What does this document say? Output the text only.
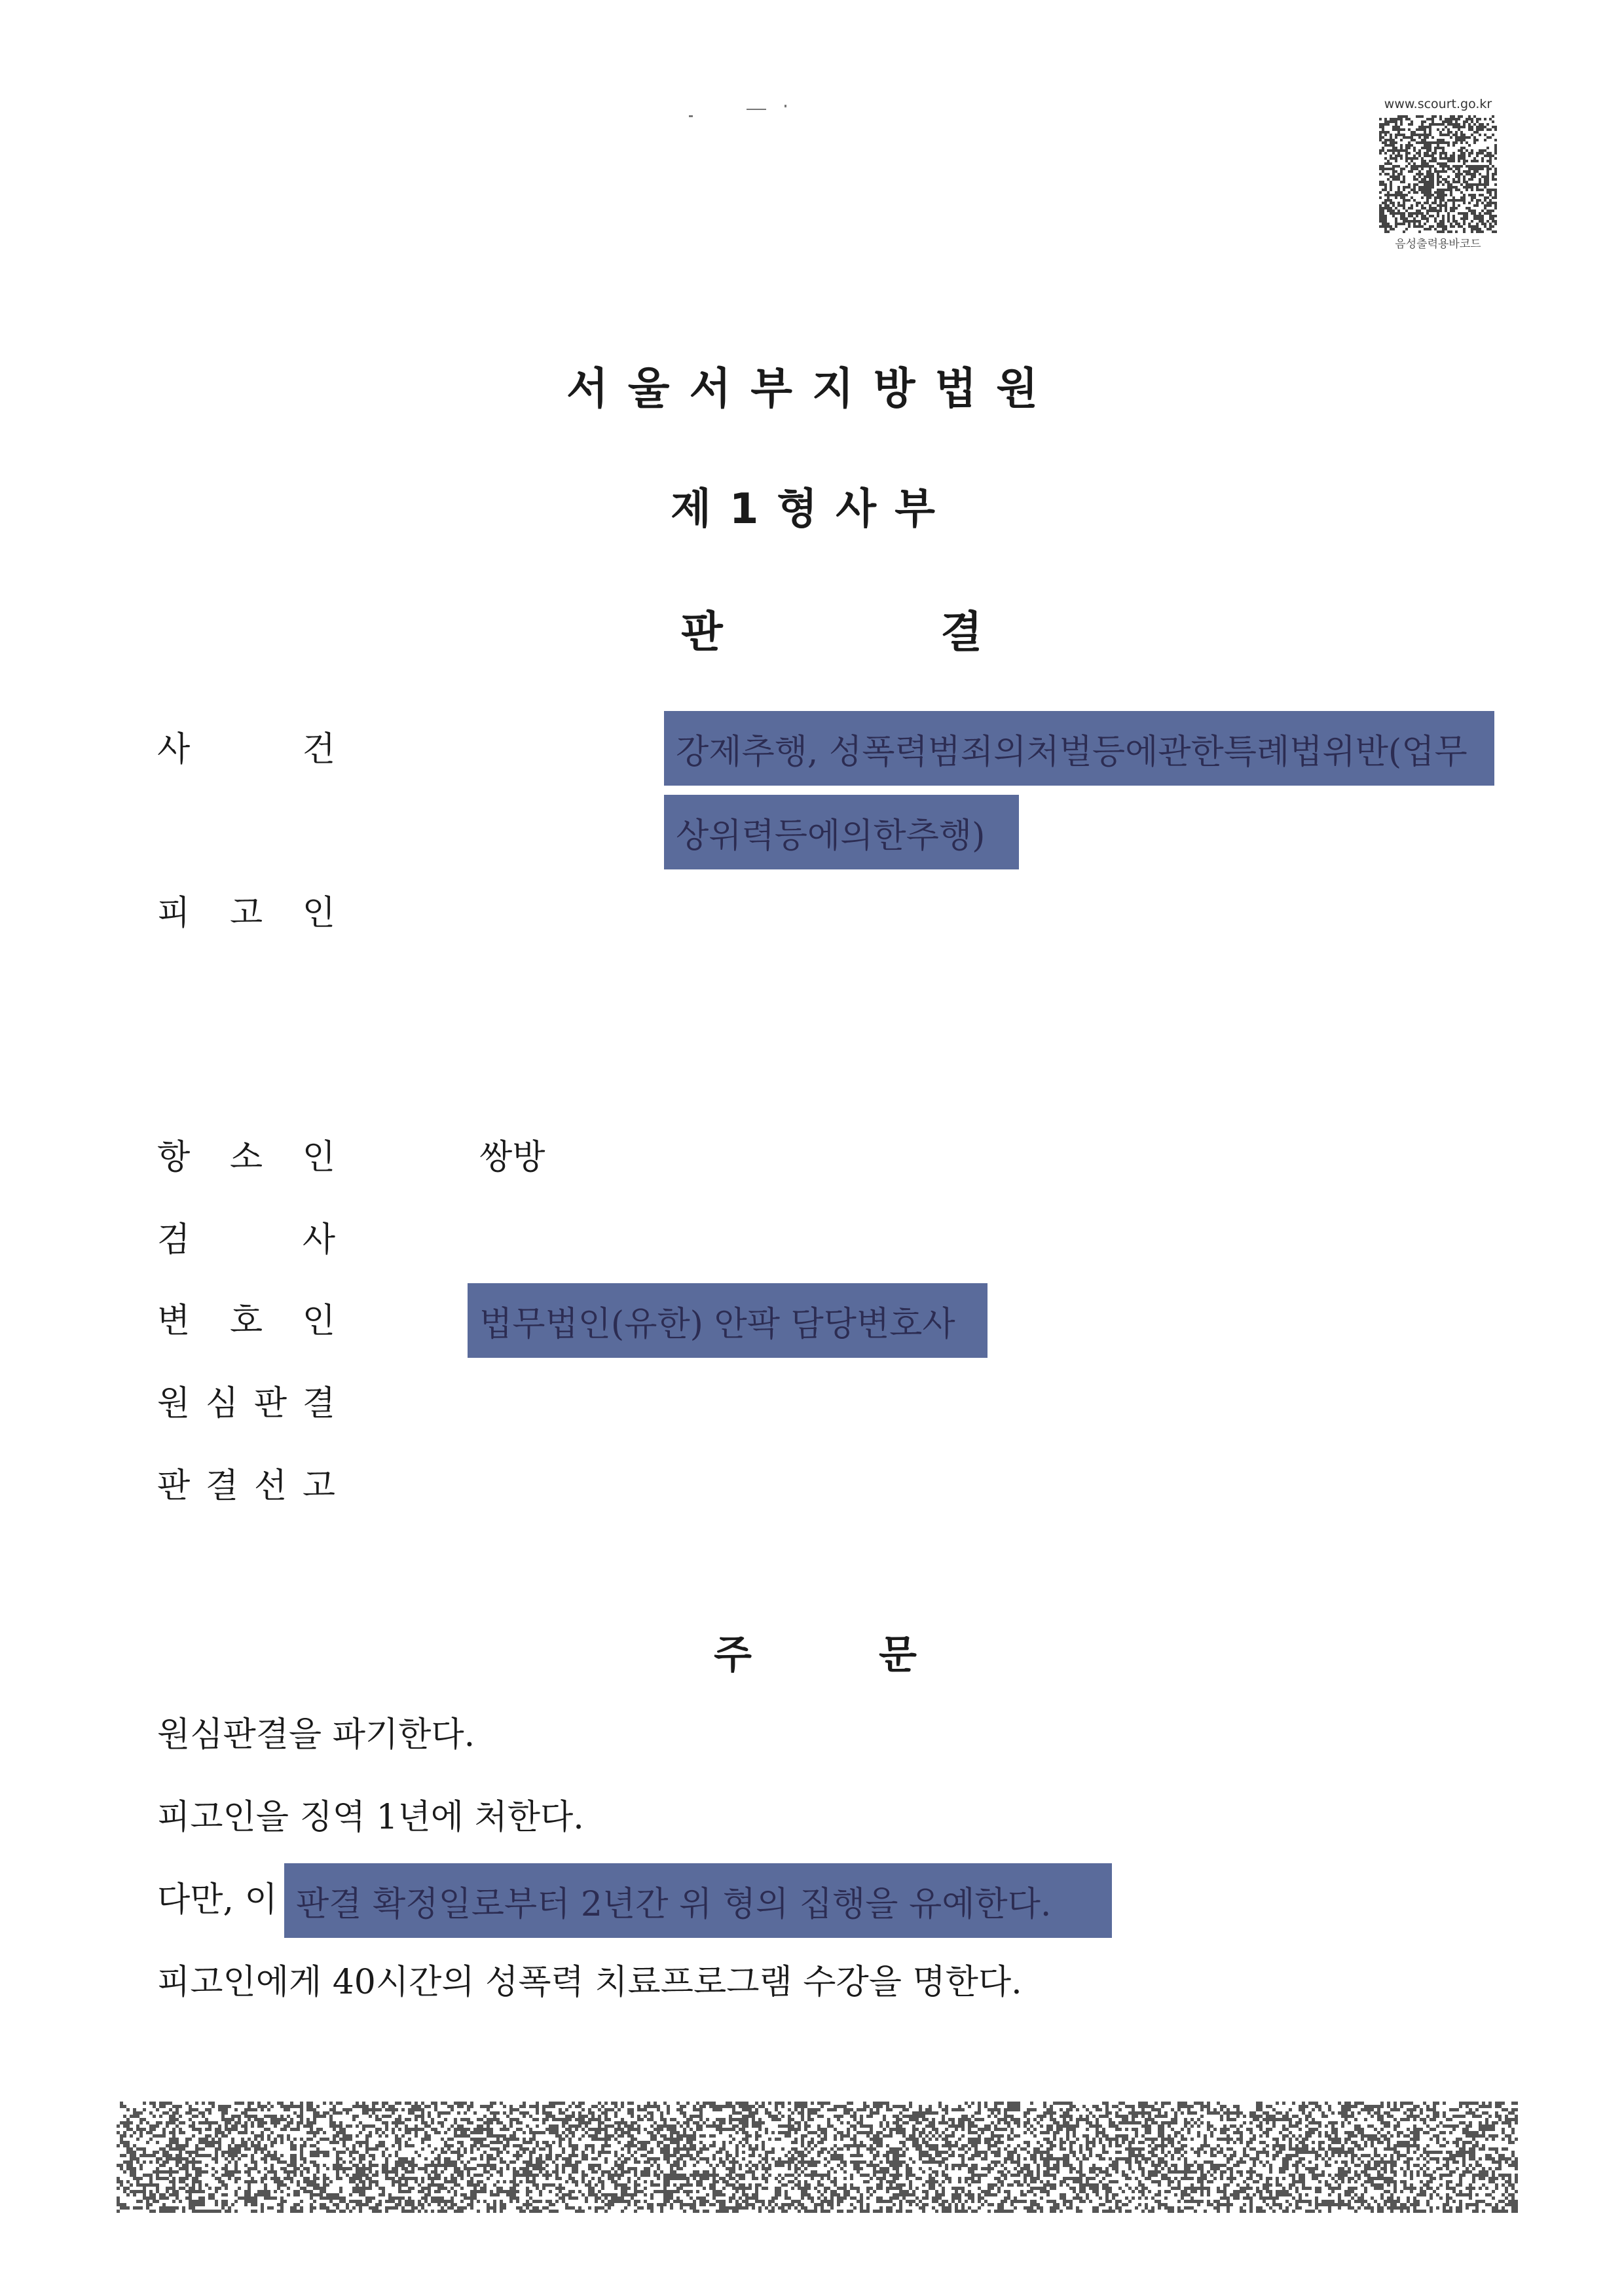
www.scourt.go.kr
음성출력용바코드
서울서부지방법원
제1형사부
판	결
사	건	강제추행, 성폭력범죄의처벌등에관한특례법위반(업무
상위력등에의한추행)
피 고 인
항 소 인	쌍방
검	사
변 호 인	법무법인(유한) 안팍 담당변호사
원 심 판 결
판 결 선 고
주	문
원심판결을 파기한다.
피고인을 징역 1년에 처한다.
다만, 이 판결 확정일로부터 2년간 위 형의 집행을 유예한다.
피고인에게 40시간의 성폭력 치료프로그램 수강을 명한다.
